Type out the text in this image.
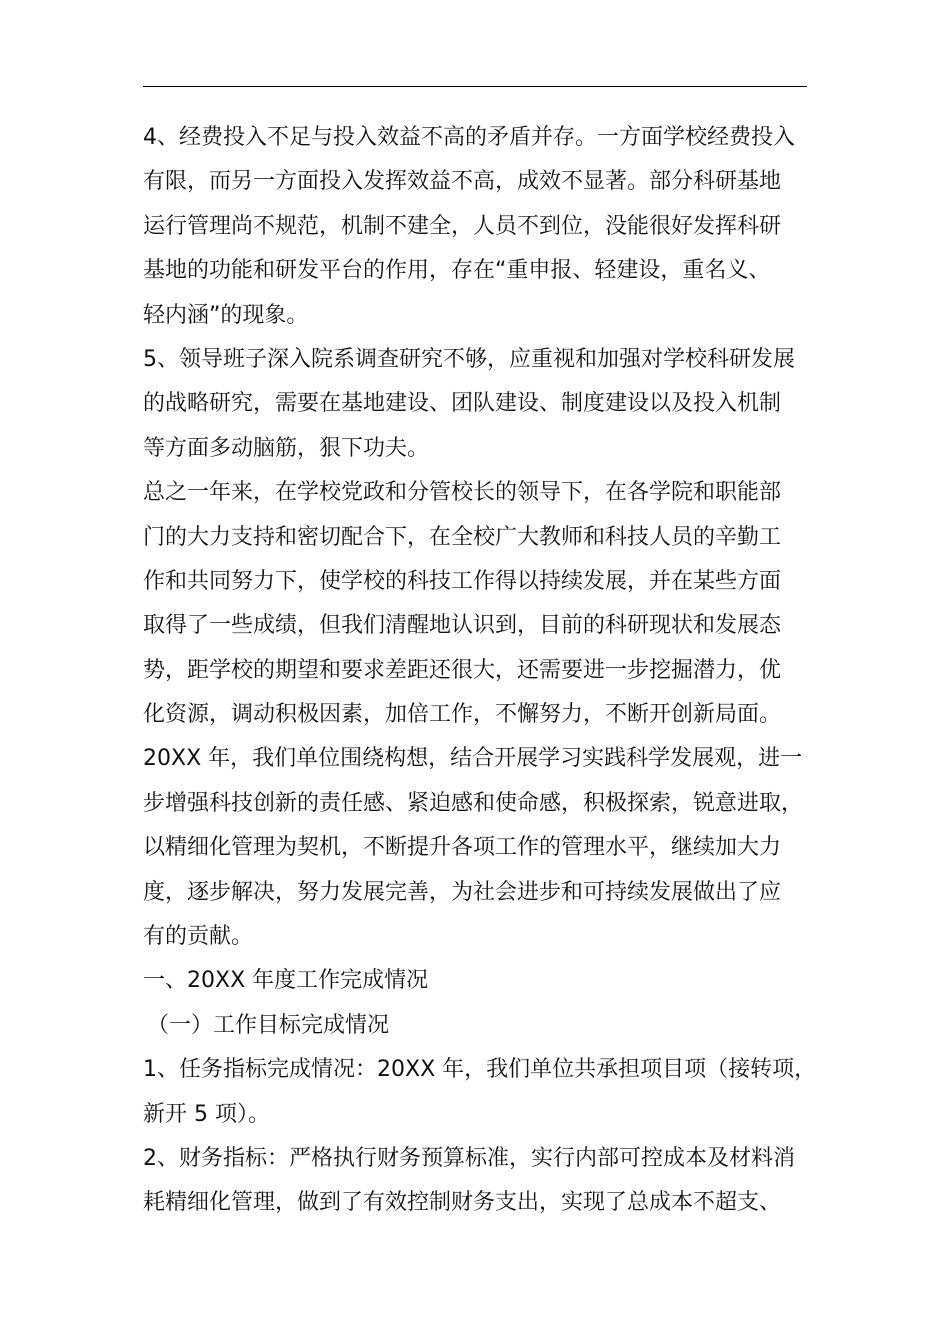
4、经费投入不足与投入效益不高的矛盾并存。一方面学校经费投入
有限，而另一方面投入发挥效益不高，成效不显著。部分科研基地
运行管理尚不规范，机制不建全，人员不到位，没能很好发挥科研
基地的功能和研发平台的作用，存在“重申报、轻建设，重名义、
轻内涵”的现象。
5、领导班子深入院系调查研究不够，应重视和加强对学校科研发展
的战略研究，需要在基地建设、团队建设、制度建设以及投入机制
等方面多动脑筋，狠下功夫。
总之一年来，在学校党政和分管校长的领导下，在各学院和职能部
门的大力支持和密切配合下，在全校广大教师和科技人员的辛勤工
作和共同努力下，使学校的科技工作得以持续发展，并在某些方面
取得了一些成绩，但我们清醒地认识到，目前的科研现状和发展态
势，距学校的期望和要求差距还很大，还需要进一步挖掘潜力，优
化资源，调动积极因素，加倍工作，不懈努力，不断开创新局面。
20XX 年，我们单位围绕构想，结合开展学习实践科学发展观，进一
步增强科技创新的责任感、紧迫感和使命感，积极探索，锐意进取，
以精细化管理为契机，不断提升各项工作的管理水平，继续加大力
度，逐步解决，努力发展完善，为社会进步和可持续发展做出了应
有的贡献。
一、20XX 年度工作完成情况
（一）工作目标完成情况
1、任务指标完成情况：20XX 年，我们单位共承担项目项（接转项，
新开 5 项）。
2、财务指标：严格执行财务预算标准，实行内部可控成本及材料消
耗精细化管理，做到了有效控制财务支出，实现了总成本不超支、
